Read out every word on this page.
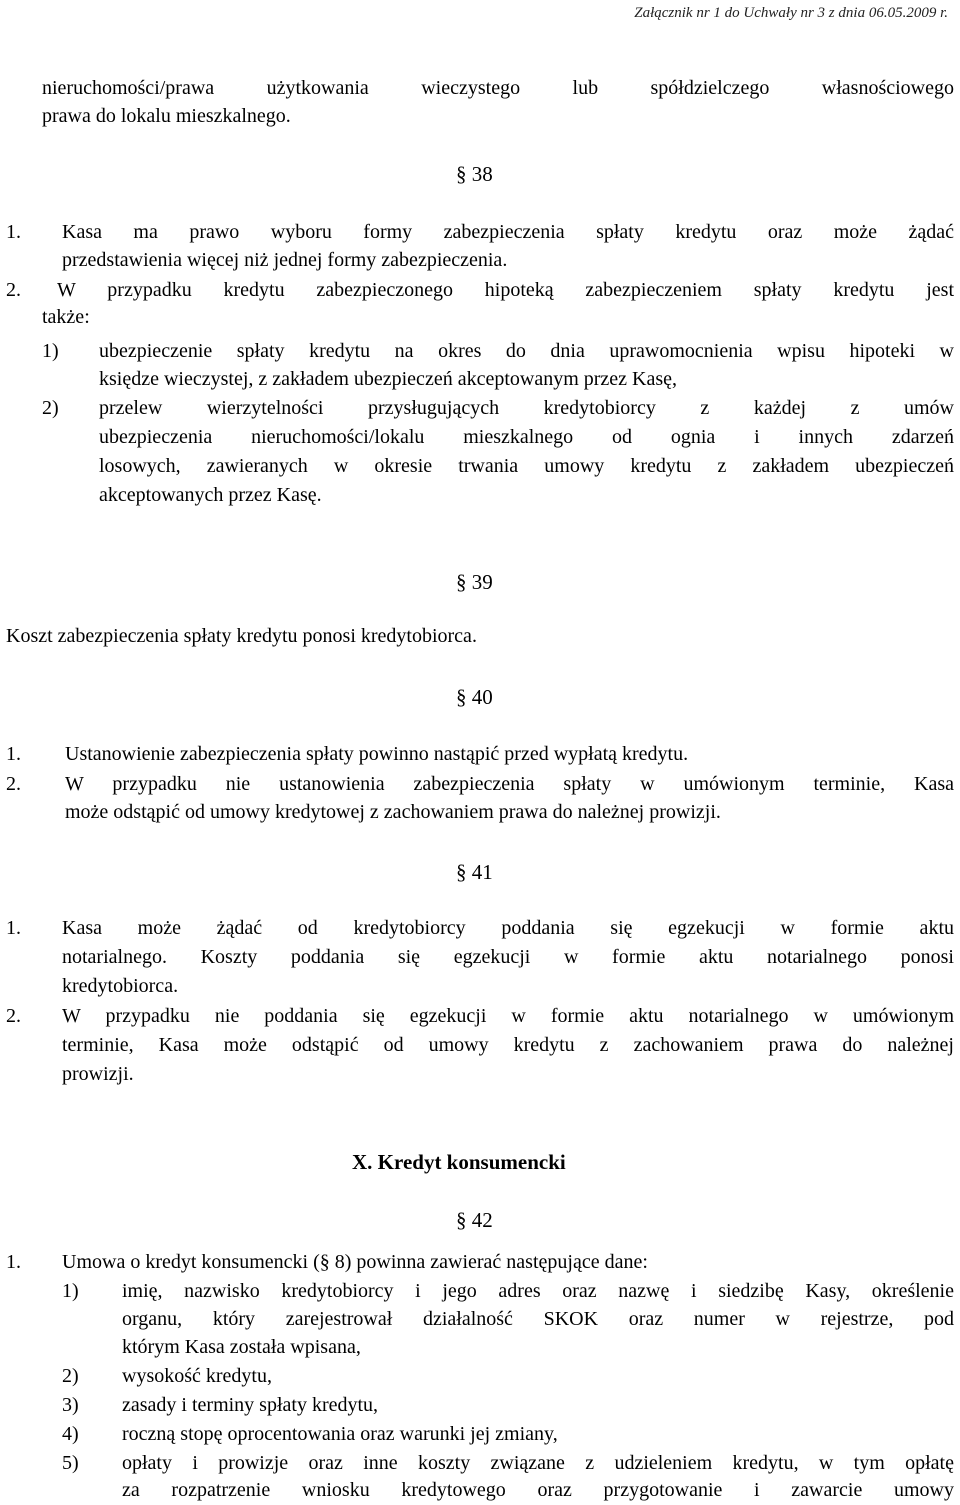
Załącznik nr 1 do Uchwały nr 3 z dnia 06.05.2009 r.
nieruchomości/prawa użytkowania wieczystego lub spółdzielczego własnościowego
prawa do lokalu mieszkalnego.
§ 38
1. Kasa ma prawo wyboru formy zabezpieczenia spłaty kredytu oraz może żądać
przedstawienia więcej niż jednej formy zabezpieczenia.
2. W przypadku kredytu zabezpieczonego hipoteką zabezpieczeniem spłaty kredytu jest
także:
1) ubezpieczenie spłaty kredytu na okres do dnia uprawomocnienia wpisu hipoteki w
księdze wieczystej, z zakładem ubezpieczeń akceptowanym przez Kasę,
2) przelew wierzytelności przysługujących kredytobiorcy z każdej z umów
ubezpieczenia nieruchomości/lokalu mieszkalnego od ognia i innych zdarzeń
losowych, zawieranych w okresie trwania umowy kredytu z zakładem ubezpieczeń
akceptowanych przez Kasę.
§ 39
Koszt zabezpieczenia spłaty kredytu ponosi kredytobiorca.
§ 40
1. Ustanowienie zabezpieczenia spłaty powinno nastąpić przed wypłatą kredytu.
2. W przypadku nie ustanowienia zabezpieczenia spłaty w umówionym terminie, Kasa
może odstąpić od umowy kredytowej z zachowaniem prawa do należnej prowizji.
§ 41
1. Kasa może żądać od kredytobiorcy poddania się egzekucji w formie aktu
notarialnego. Koszty poddania się egzekucji w formie aktu notarialnego ponosi
kredytobiorca.
2. W przypadku nie poddania się egzekucji w formie aktu notarialnego w umówionym
terminie, Kasa może odstąpić od umowy kredytu z zachowaniem prawa do należnej
prowizji.
X. Kredyt konsumencki
§ 42
1. Umowa o kredyt konsumencki (§ 8) powinna zawierać następujące dane:
1) imię, nazwisko kredytobiorcy i jego adres oraz nazwę i siedzibę Kasy, określenie
organu, który zarejestrował działalność SKOK oraz numer w rejestrze, pod
którym Kasa została wpisana,
2) wysokość kredytu,
3) zasady i terminy spłaty kredytu,
4) roczną stopę oprocentowania oraz warunki jej zmiany,
5) opłaty i prowizje oraz inne koszty związane z udzieleniem kredytu, w tym opłatę
za rozpatrzenie wniosku kredytowego oraz przygotowanie i zawarcie umowy
